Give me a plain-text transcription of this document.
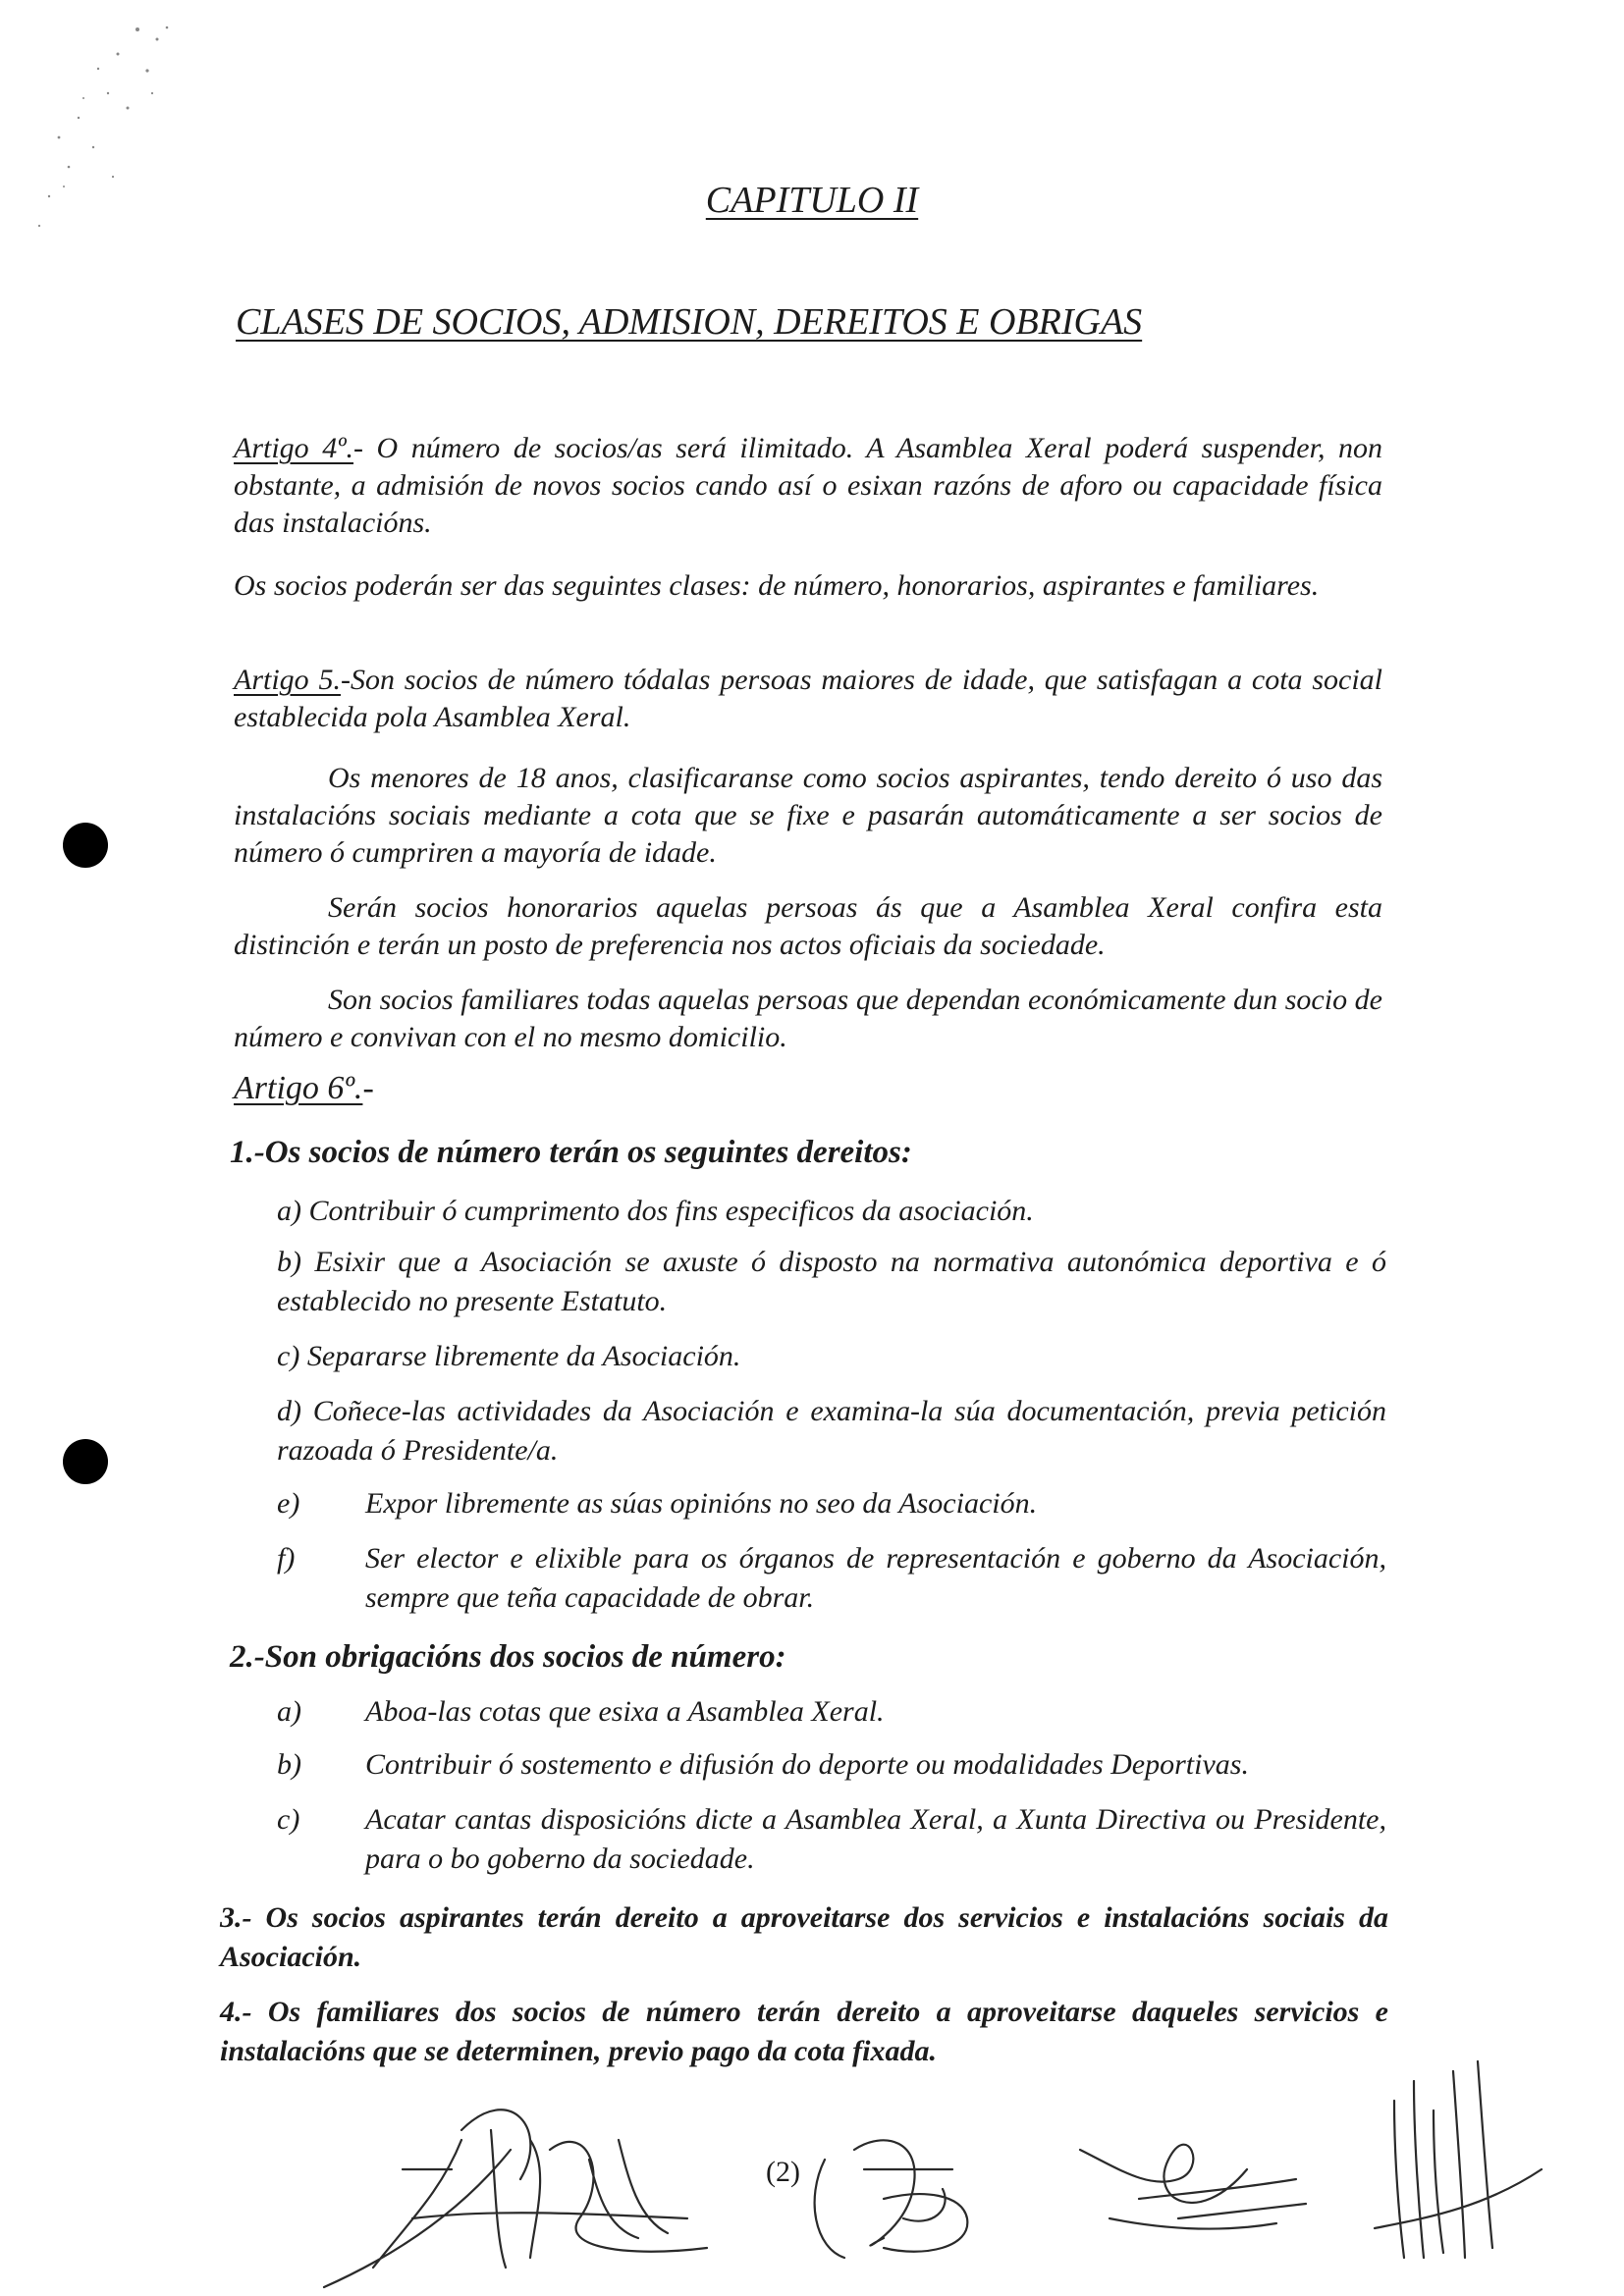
CAPITULO II
CLASES DE SOCIOS, ADMISION, DEREITOS E OBRIGAS
Artigo 4º.- O número de socios/as será ilimitado. A Asamblea Xeral poderá suspender, non obstante, a admisión de novos socios cando así o esixan razóns de aforo ou capacidade física das instalacións.
Os socios poderán ser das seguintes clases: de número, honorarios, aspirantes e familiares.
Artigo 5.-Son socios de número tódalas persoas maiores de idade, que satisfagan a cota social establecida pola Asamblea Xeral.
Os menores de 18 anos, clasificaranse como socios aspirantes, tendo dereito ó uso das instalacións sociais mediante a cota que se fixe e pasarán automáticamente a ser socios de número ó cumpriren a mayoría de idade.
Serán socios honorarios aquelas persoas ás que a Asamblea Xeral confira esta distinción e terán un posto de preferencia nos actos oficiais da sociedade.
Son socios familiares todas aquelas persoas que dependan económicamente dun socio de número e convivan con el no mesmo domicilio.
Artigo 6º.-
1.-Os socios de número terán os seguintes dereitos:
a) Contribuir ó cumprimento dos fins especificos da asociación.
b) Esixir que a Asociación se axuste ó disposto na normativa autonómica deportiva e ó establecido no presente Estatuto.
c) Separarse libremente da Asociación.
d) Coñece-las actividades da Asociación e examina-la súa documentación, previa petición razoada ó Presidente/a.
e)	Expor libremente as súas opinións no seo da Asociación.
f)	Ser elector e elixible para os órganos de representación e goberno da Asociación, sempre que teña capacidade de obrar.
2.-Son obrigacións dos socios de número:
a)	Aboa-las cotas que esixa a Asamblea Xeral.
b)	Contribuir ó sostemento e difusión do deporte ou modalidades Deportivas.
c)	Acatar cantas disposicións dicte a Asamblea Xeral, a Xunta Directiva ou Presidente, para o bo goberno da sociedade.
3.- Os socios aspirantes terán dereito a aproveitarse dos servicios e instalacións sociais da Asociación.
4.- Os familiares dos socios de número terán dereito a aproveitarse daqueles servicios e instalacións que se determinen, previo pago da cota fixada.
(2)
